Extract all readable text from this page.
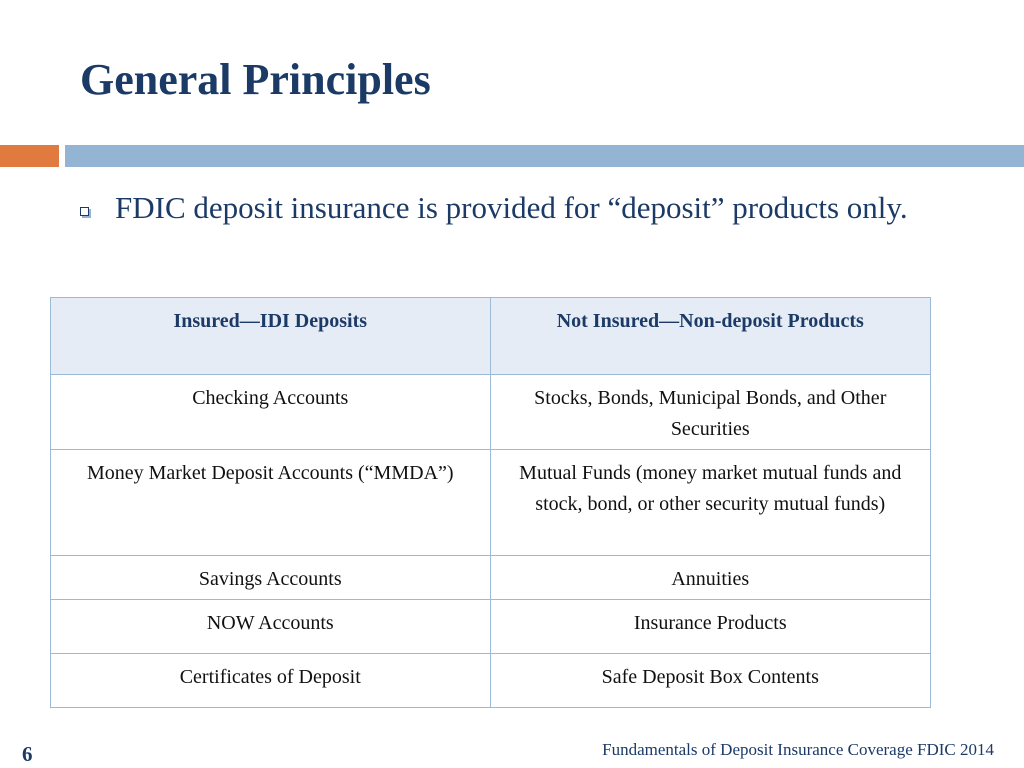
General Principles
FDIC deposit insurance is provided for “deposit” products only.
Insured—IDI Deposits	Not Insured—Non-deposit Products
Checking Accounts	Stocks, Bonds, Municipal Bonds, and Other Securities
Money Market Deposit Accounts (“MMDA”)	Mutual Funds (money market mutual funds and stock, bond, or other security mutual funds)
Savings Accounts	Annuities
NOW Accounts	Insurance Products
Certificates of Deposit	Safe Deposit Box Contents
6	Fundamentals of Deposit Insurance Coverage FDIC 2014
